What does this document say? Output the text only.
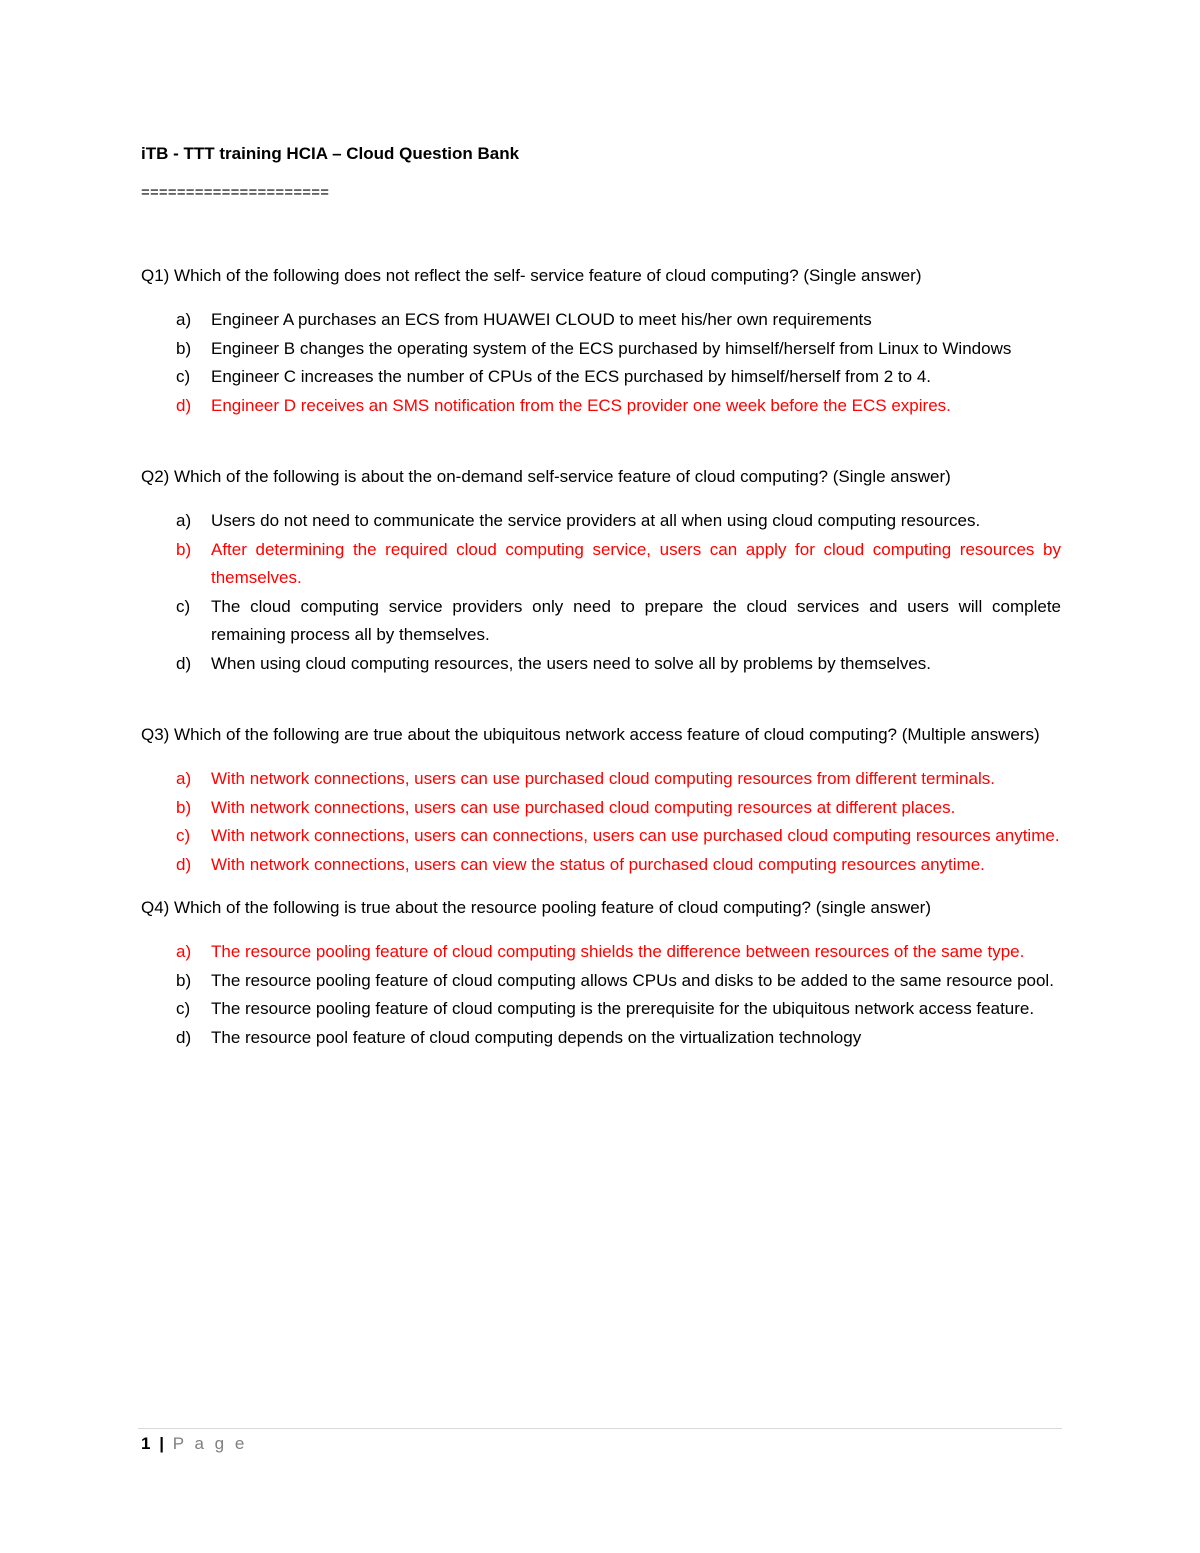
iTB - TTT training HCIA – Cloud Question Bank

=====================

Q1) Which of the following does not reflect the self- service feature of cloud computing? (Single answer)

a) Engineer A purchases an ECS from HUAWEI CLOUD to meet his/her own requirements
b) Engineer B changes the operating system of the ECS purchased by himself/herself from Linux to Windows
c) Engineer C increases the number of CPUs of the ECS purchased by himself/herself from 2 to 4.
d) Engineer D receives an SMS notification from the ECS provider one week before the ECS expires.

Q2) Which of the following is about the on-demand self-service feature of cloud computing? (Single answer)

a) Users do not need to communicate the service providers at all when using cloud computing resources.
b) After determining the required cloud computing service, users can apply for cloud computing resources by themselves.
c) The cloud computing service providers only need to prepare the cloud services and users will complete remaining process all by themselves.
d) When using cloud computing resources, the users need to solve all by problems by themselves.

Q3) Which of the following are true about the ubiquitous network access feature of cloud computing? (Multiple answers)

a) With network connections, users can use purchased cloud computing resources from different terminals.
b) With network connections, users can use purchased cloud computing resources at different places.
c) With network connections, users can connections, users can use purchased cloud computing resources anytime.
d) With network connections, users can view the status of purchased cloud computing resources anytime.

Q4) Which of the following is true about the resource pooling feature of cloud computing? (single answer)

a) The resource pooling feature of cloud computing shields the difference between resources of the same type.
b) The resource pooling feature of cloud computing allows CPUs and disks to be added to the same resource pool.
c) The resource pooling feature of cloud computing is the prerequisite for the ubiquitous network access feature.
d) The resource pool feature of cloud computing depends on the virtualization technology
1 | P a g e
